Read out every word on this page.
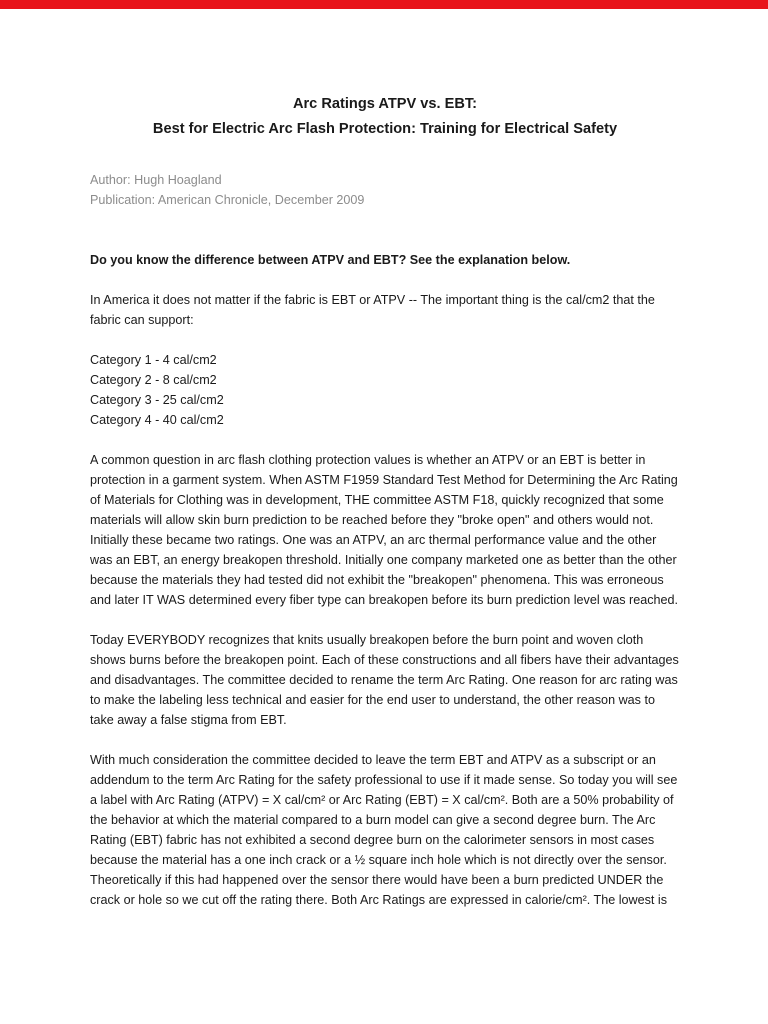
Arc Ratings ATPV vs. EBT:
Best for Electric Arc Flash Protection: Training for Electrical Safety
Author: Hugh Hoagland
Publication: American Chronicle, December 2009

Do you know the difference between ATPV and EBT? See the explanation below.

In America it does not matter if the fabric is EBT or ATPV -- The important thing is the cal/cm2 that the fabric can support:

Category 1 - 4 cal/cm2
Category 2 - 8 cal/cm2
Category 3 - 25 cal/cm2
Category 4 - 40 cal/cm2

A common question in arc flash clothing protection values is whether an ATPV or an EBT is better in protection in a garment system. When ASTM F1959 Standard Test Method for Determining the Arc Rating of Materials for Clothing was in development, THE committee ASTM F18, quickly recognized that some materials will allow skin burn prediction to be reached before they "broke open" and others would not. Initially these became two ratings. One was an ATPV, an arc thermal performance value and the other was an EBT, an energy breakopen threshold. Initially one company marketed one as better than the other because the materials they had tested did not exhibit the "breakopen" phenomena. This was erroneous and later IT WAS determined every fiber type can breakopen before its burn prediction level was reached.

Today EVERYBODY recognizes that knits usually breakopen before the burn point and woven cloth shows burns before the breakopen point. Each of these constructions and all fibers have their advantages and disadvantages. The committee decided to rename the term Arc Rating. One reason for arc rating was to make the labeling less technical and easier for the end user to understand, the other reason was to take away a false stigma from EBT.

With much consideration the committee decided to leave the term EBT and ATPV as a subscript or an addendum to the term Arc Rating for the safety professional to use if it made sense. So today you will see a label with Arc Rating (ATPV) = X cal/cm² or Arc Rating (EBT) = X cal/cm². Both are a 50% probability of the behavior at which the material compared to a burn model can give a second degree burn. The Arc Rating (EBT) fabric has not exhibited a second degree burn on the calorimeter sensors in most cases because the material has a one inch crack or a ½ square inch hole which is not directly over the sensor. Theoretically if this had happened over the sensor there would have been a burn predicted UNDER the crack or hole so we cut off the rating there. Both Arc Ratings are expressed in calorie/cm². The lowest is
